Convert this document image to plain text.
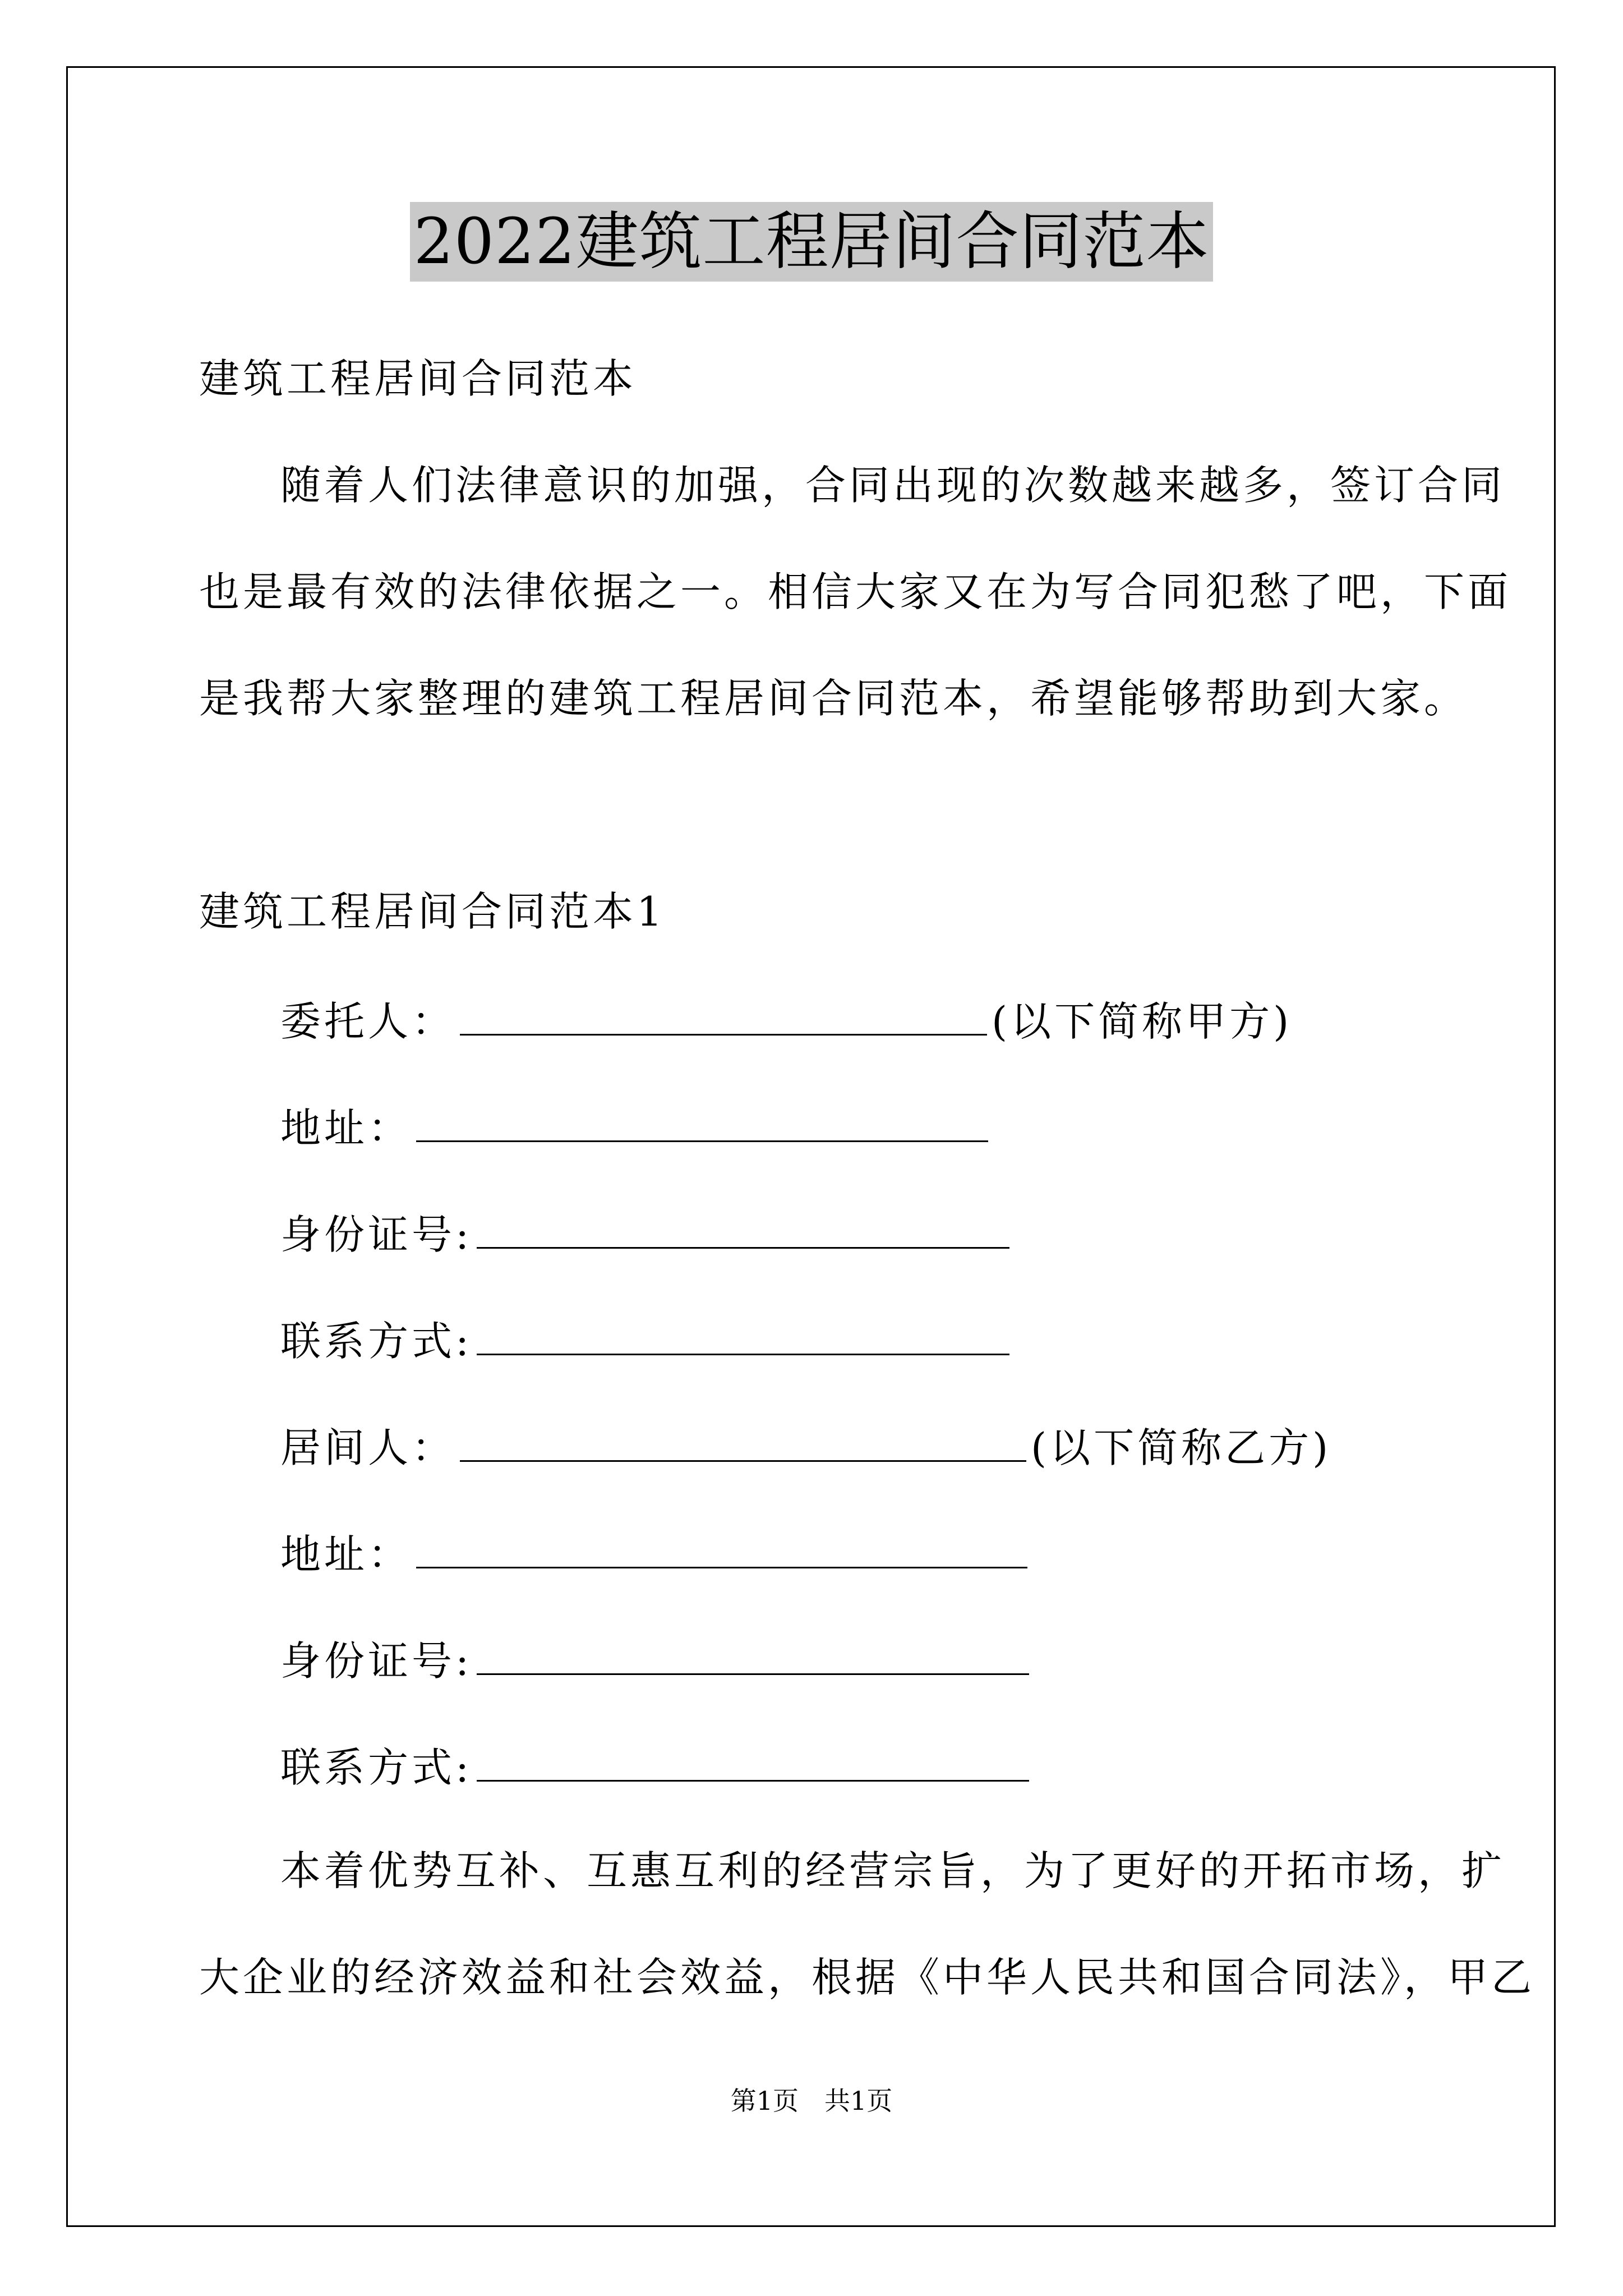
2022建筑工程居间合同范本
建筑工程居间合同范本
随着人们法律意识的加强，合同出现的次数越来越多，签订合同
也是最有效的法律依据之一。相信大家又在为写合同犯愁了吧，下面
是我帮大家整理的建筑工程居间合同范本，希望能够帮助到大家。
建筑工程居间合同范本1
委托人：	(以下简称甲方)
地址：
身份证号:
联系方式:
居间人：	(以下简称乙方)
地址：
身份证号:
联系方式:
本着优势互补、互惠互利的经营宗旨，为了更好的开拓市场，扩
大企业的经济效益和社会效益，根据《中华人民共和国合同法》，甲乙
第1页　共1页
